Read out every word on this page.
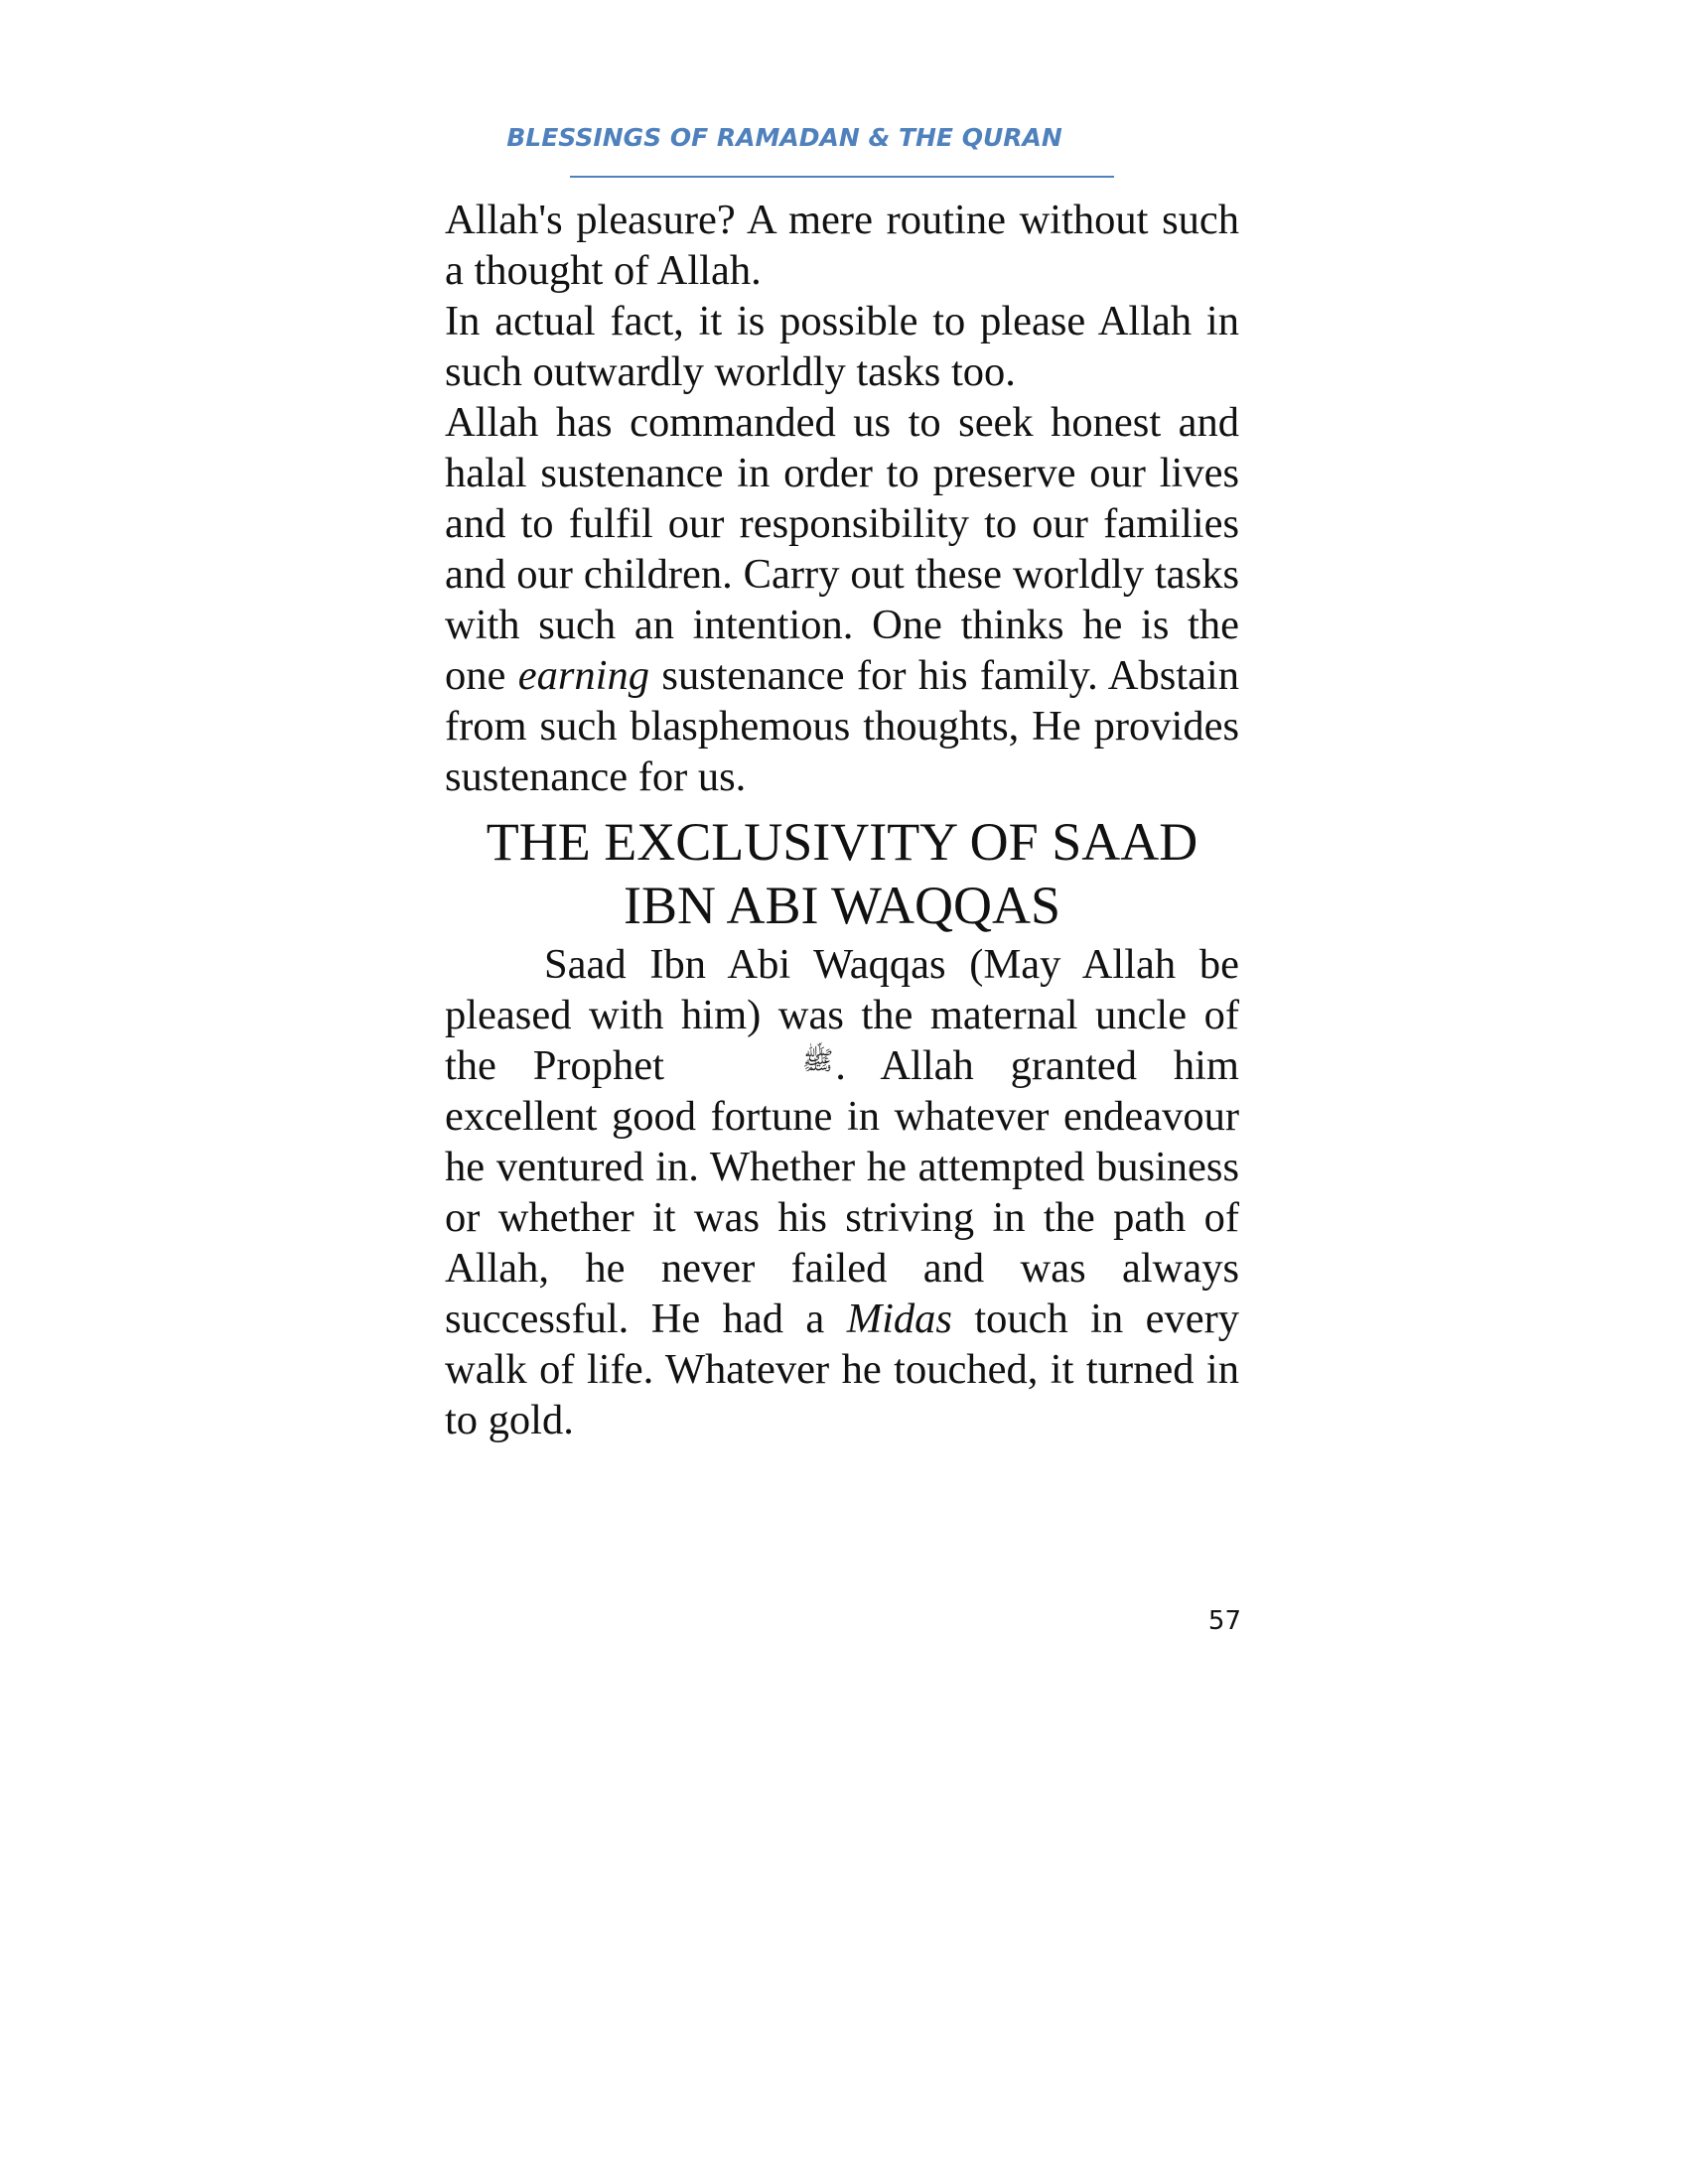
BLESSINGS OF RAMADAN & THE QURAN

Allah's pleasure? A mere routine without such a thought of Allah.

In actual fact, it is possible to please Allah in such outwardly worldly tasks too.

Allah has commanded us to seek honest and halal sustenance in order to preserve our lives and to fulfil our responsibility to our families and our children. Carry out these worldly tasks with such an intention. One thinks he is the one earning sustenance for his family. Abstain from such blasphemous thoughts, He provides sustenance for us.

THE EXCLUSIVITY OF SAAD
IBN ABI WAQQAS

Saad Ibn Abi Waqqas (May Allah be pleased with him) was the maternal uncle of the Prophet	ﷺ. Allah granted him excellent good fortune in whatever endeavour he ventured in. Whether he attempted business or whether it was his striving in the path of Allah, he never failed and was always successful. He had a Midas touch in every walk of life. Whatever he touched, it turned in to gold.

57
